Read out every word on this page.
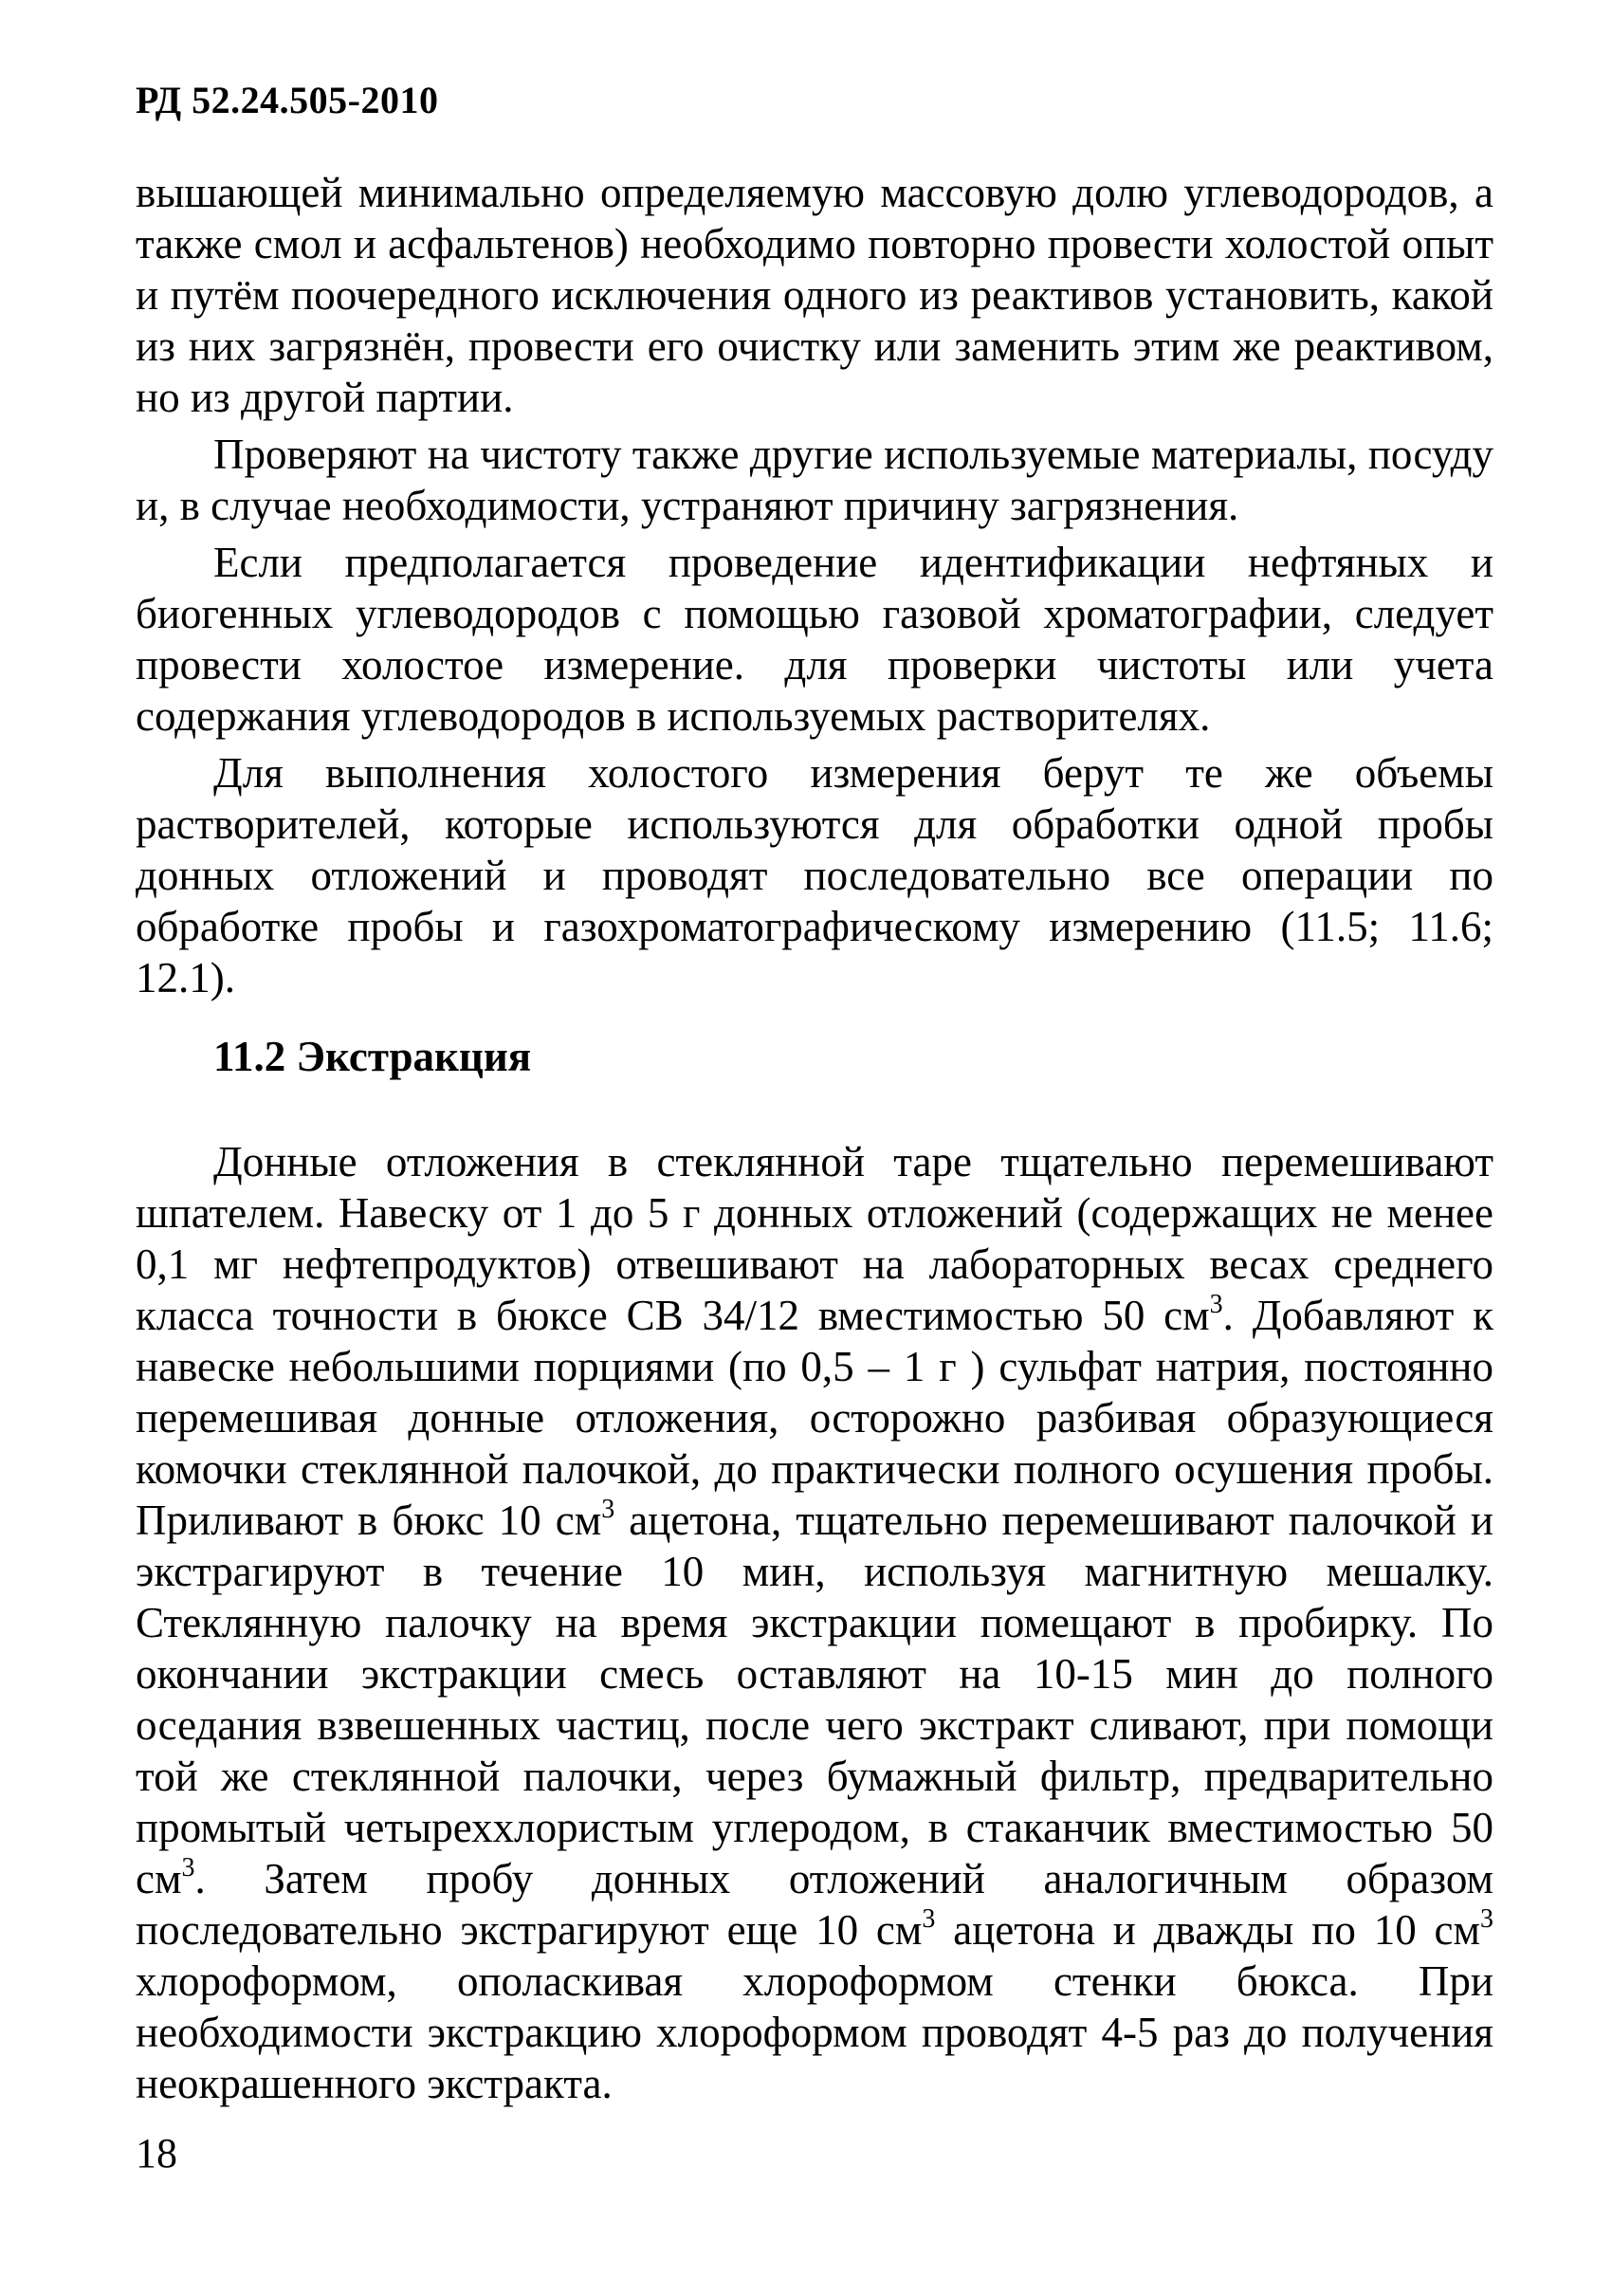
РД 52.24.505-2010

вышающей минимально определяемую массовую долю углеводородов, а также смол и асфальтенов) необходимо повторно провести холостой опыт и путём поочередного исключения одного из реактивов установить, какой из них загрязнён, провести его очистку или заменить этим же реактивом, но из другой партии.

Проверяют на чистоту также другие используемые материалы, посуду и, в случае необходимости, устраняют причину загрязнения.

Если предполагается проведение идентификации нефтяных и биогенных углеводородов с помощью газовой хроматографии, следует провести холостое измерение. для проверки чистоты или учета содержания углеводородов в используемых растворителях.

Для выполнения холостого измерения берут те же объемы растворителей, которые используются для обработки одной пробы донных отложений и проводят последовательно все операции по обработке пробы и газохроматографическому измерению (11.5; 11.6; 12.1).

11.2 Экстракция

Донные отложения в стеклянной таре тщательно перемешивают шпателем. Навеску от 1 до 5 г донных отложений (содержащих не менее 0,1 мг нефтепродуктов) отвешивают на лабораторных весах среднего класса точности в бюксе СВ 34/12 вместимостью 50 $см^3$. Добавляют к навеске небольшими порциями (по 0,5 – 1 г ) сульфат натрия, постоянно перемешивая донные отложения, осторожно разбивая образующиеся комочки стеклянной палочкой, до практически полного осушения пробы. Приливают в бюкс 10 $см^3$ ацетона, тщательно перемешивают палочкой и экстрагируют в течение 10 мин, используя магнитную мешалку. Стеклянную палочку на время экстракции помещают в пробирку. По окончании экстракции смесь оставляют на 10-15 мин до полного оседания взвешенных частиц, после чего экстракт сливают, при помощи той же стеклянной палочки, через бумажный фильтр, предварительно промытый четыреххлористым углеродом, в стаканчик вместимостью 50 $см^3$. Затем пробу донных отложений аналогичным образом последовательно экстрагируют еще 10 $см^3$ ацетона и дважды по 10 $см^3$ хлороформом, ополаскивая хлороформом стенки бюкса. При необходимости экстракцию хлороформом проводят 4-5 раз до получения неокрашенного экстракта.

18
